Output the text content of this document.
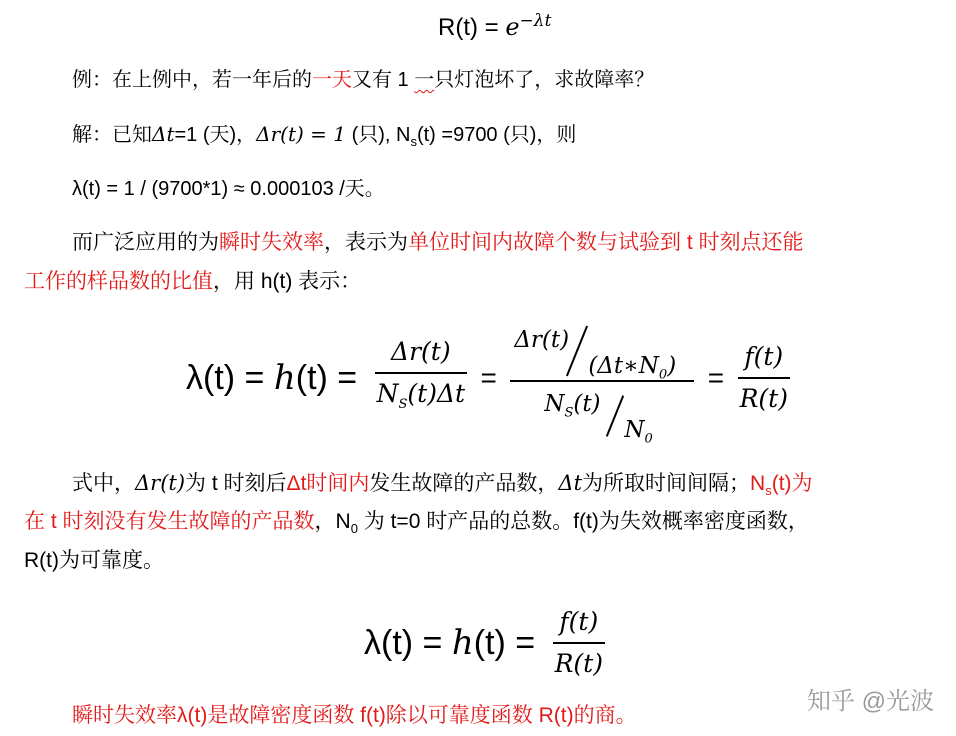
$R(t) = e^{-\lambda t}$
例：在上例中，若一年后的一天又有 1 一只灯泡坏了，求故障率？
解：已知Δt=1 (天)，Δr(t) = 1 (只), $N_s(t) =9700$ (只)，则
λ(t) = 1 / (9700*1) ≈ 0.000103 /天。
而广泛应用的为瞬时失效率，表示为单位时间内故障个数与试验到 t 时刻点还能
工作的样品数的比值，用 h(t) 表示：
$\lambda(t) = h(t) = \frac{\Delta r(t)}{N_S(t)\Delta t} = \Delta r(t)$
$(\Delta t∗N_0)$
$N_S(t)$
$N_0 = \frac{f(t)}{R(t)}$
式中，Δr(t)为 t 时刻后Δt时间内发生故障的产品数，Δt为所取时间间隔；$N_s(t)$为
在 t 时刻没有发生故障的产品数，$N_0$ 为 t=0 时产品的总数。f(t)为失效概率密度函数，
R(t)为可靠度。
$\lambda(t) = h(t) = \frac{f(t)}{R(t)}$
瞬时失效率λ(t)是故障密度函数 f(t)除以可靠度函数 R(t)的商。
知乎 @光波
